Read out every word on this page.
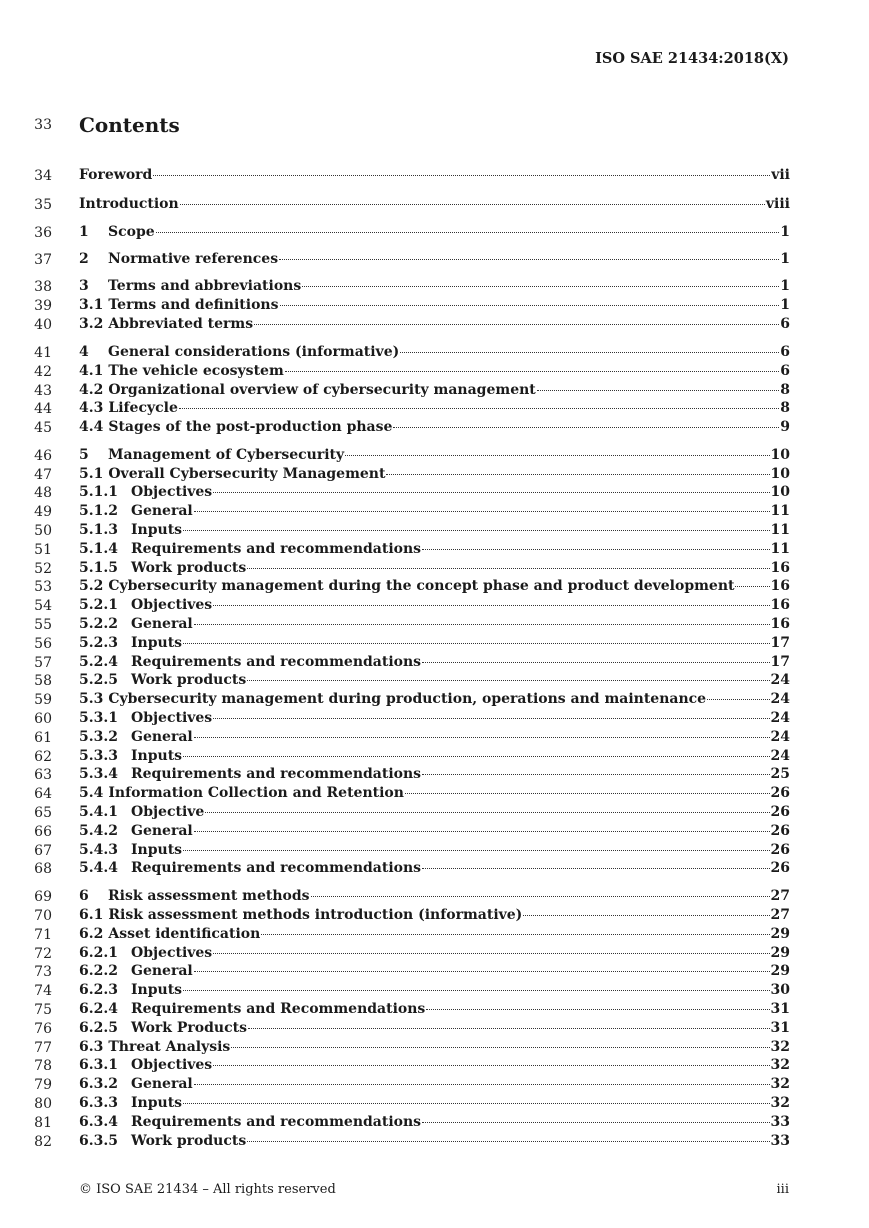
ISO SAE 21434:2018(X)
33 Contents
34 Foreword	vii
35 Introduction	viii
36 1	Scope	1
37 2	Normative references	1
38 3	Terms and abbreviations	1
39 3.1 Terms and definitions	1
40 3.2 Abbreviated terms	6
41 4	General considerations (informative)	6
42 4.1 The vehicle ecosystem	6
43 4.2 Organizational overview of cybersecurity management	8
44 4.3 Lifecycle	8
45 4.4 Stages of the post-production phase	9
46 5	Management of Cybersecurity	10
47 5.1 Overall Cybersecurity Management	10
48 5.1.1 Objectives	10
49 5.1.2 General	11
50 5.1.3 Inputs	11
51 5.1.4 Requirements and recommendations	11
52 5.1.5 Work products	16
53 5.2 Cybersecurity management during the concept phase and product development	16
54 5.2.1 Objectives	16
55 5.2.2 General	16
56 5.2.3 Inputs	17
57 5.2.4 Requirements and recommendations	17
58 5.2.5 Work products	24
59 5.3 Cybersecurity management during production, operations and maintenance	24
60 5.3.1 Objectives	24
61 5.3.2 General	24
62 5.3.3 Inputs	24
63 5.3.4 Requirements and recommendations	25
64 5.4 Information Collection and Retention	26
65 5.4.1 Objective	26
66 5.4.2 General	26
67 5.4.3 Inputs	26
68 5.4.4 Requirements and recommendations	26
69 6	Risk assessment methods	27
70 6.1 Risk assessment methods introduction (informative)	27
71 6.2 Asset identification	29
72 6.2.1 Objectives	29
73 6.2.2 General	29
74 6.2.3 Inputs	30
75 6.2.4 Requirements and Recommendations	31
76 6.2.5 Work Products	31
77 6.3 Threat Analysis	32
78 6.3.1 Objectives	32
79 6.3.2 General	32
80 6.3.3 Inputs	32
81 6.3.4 Requirements and recommendations	33
82 6.3.5 Work products	33
© ISO SAE 21434 – All rights reserved	iii
